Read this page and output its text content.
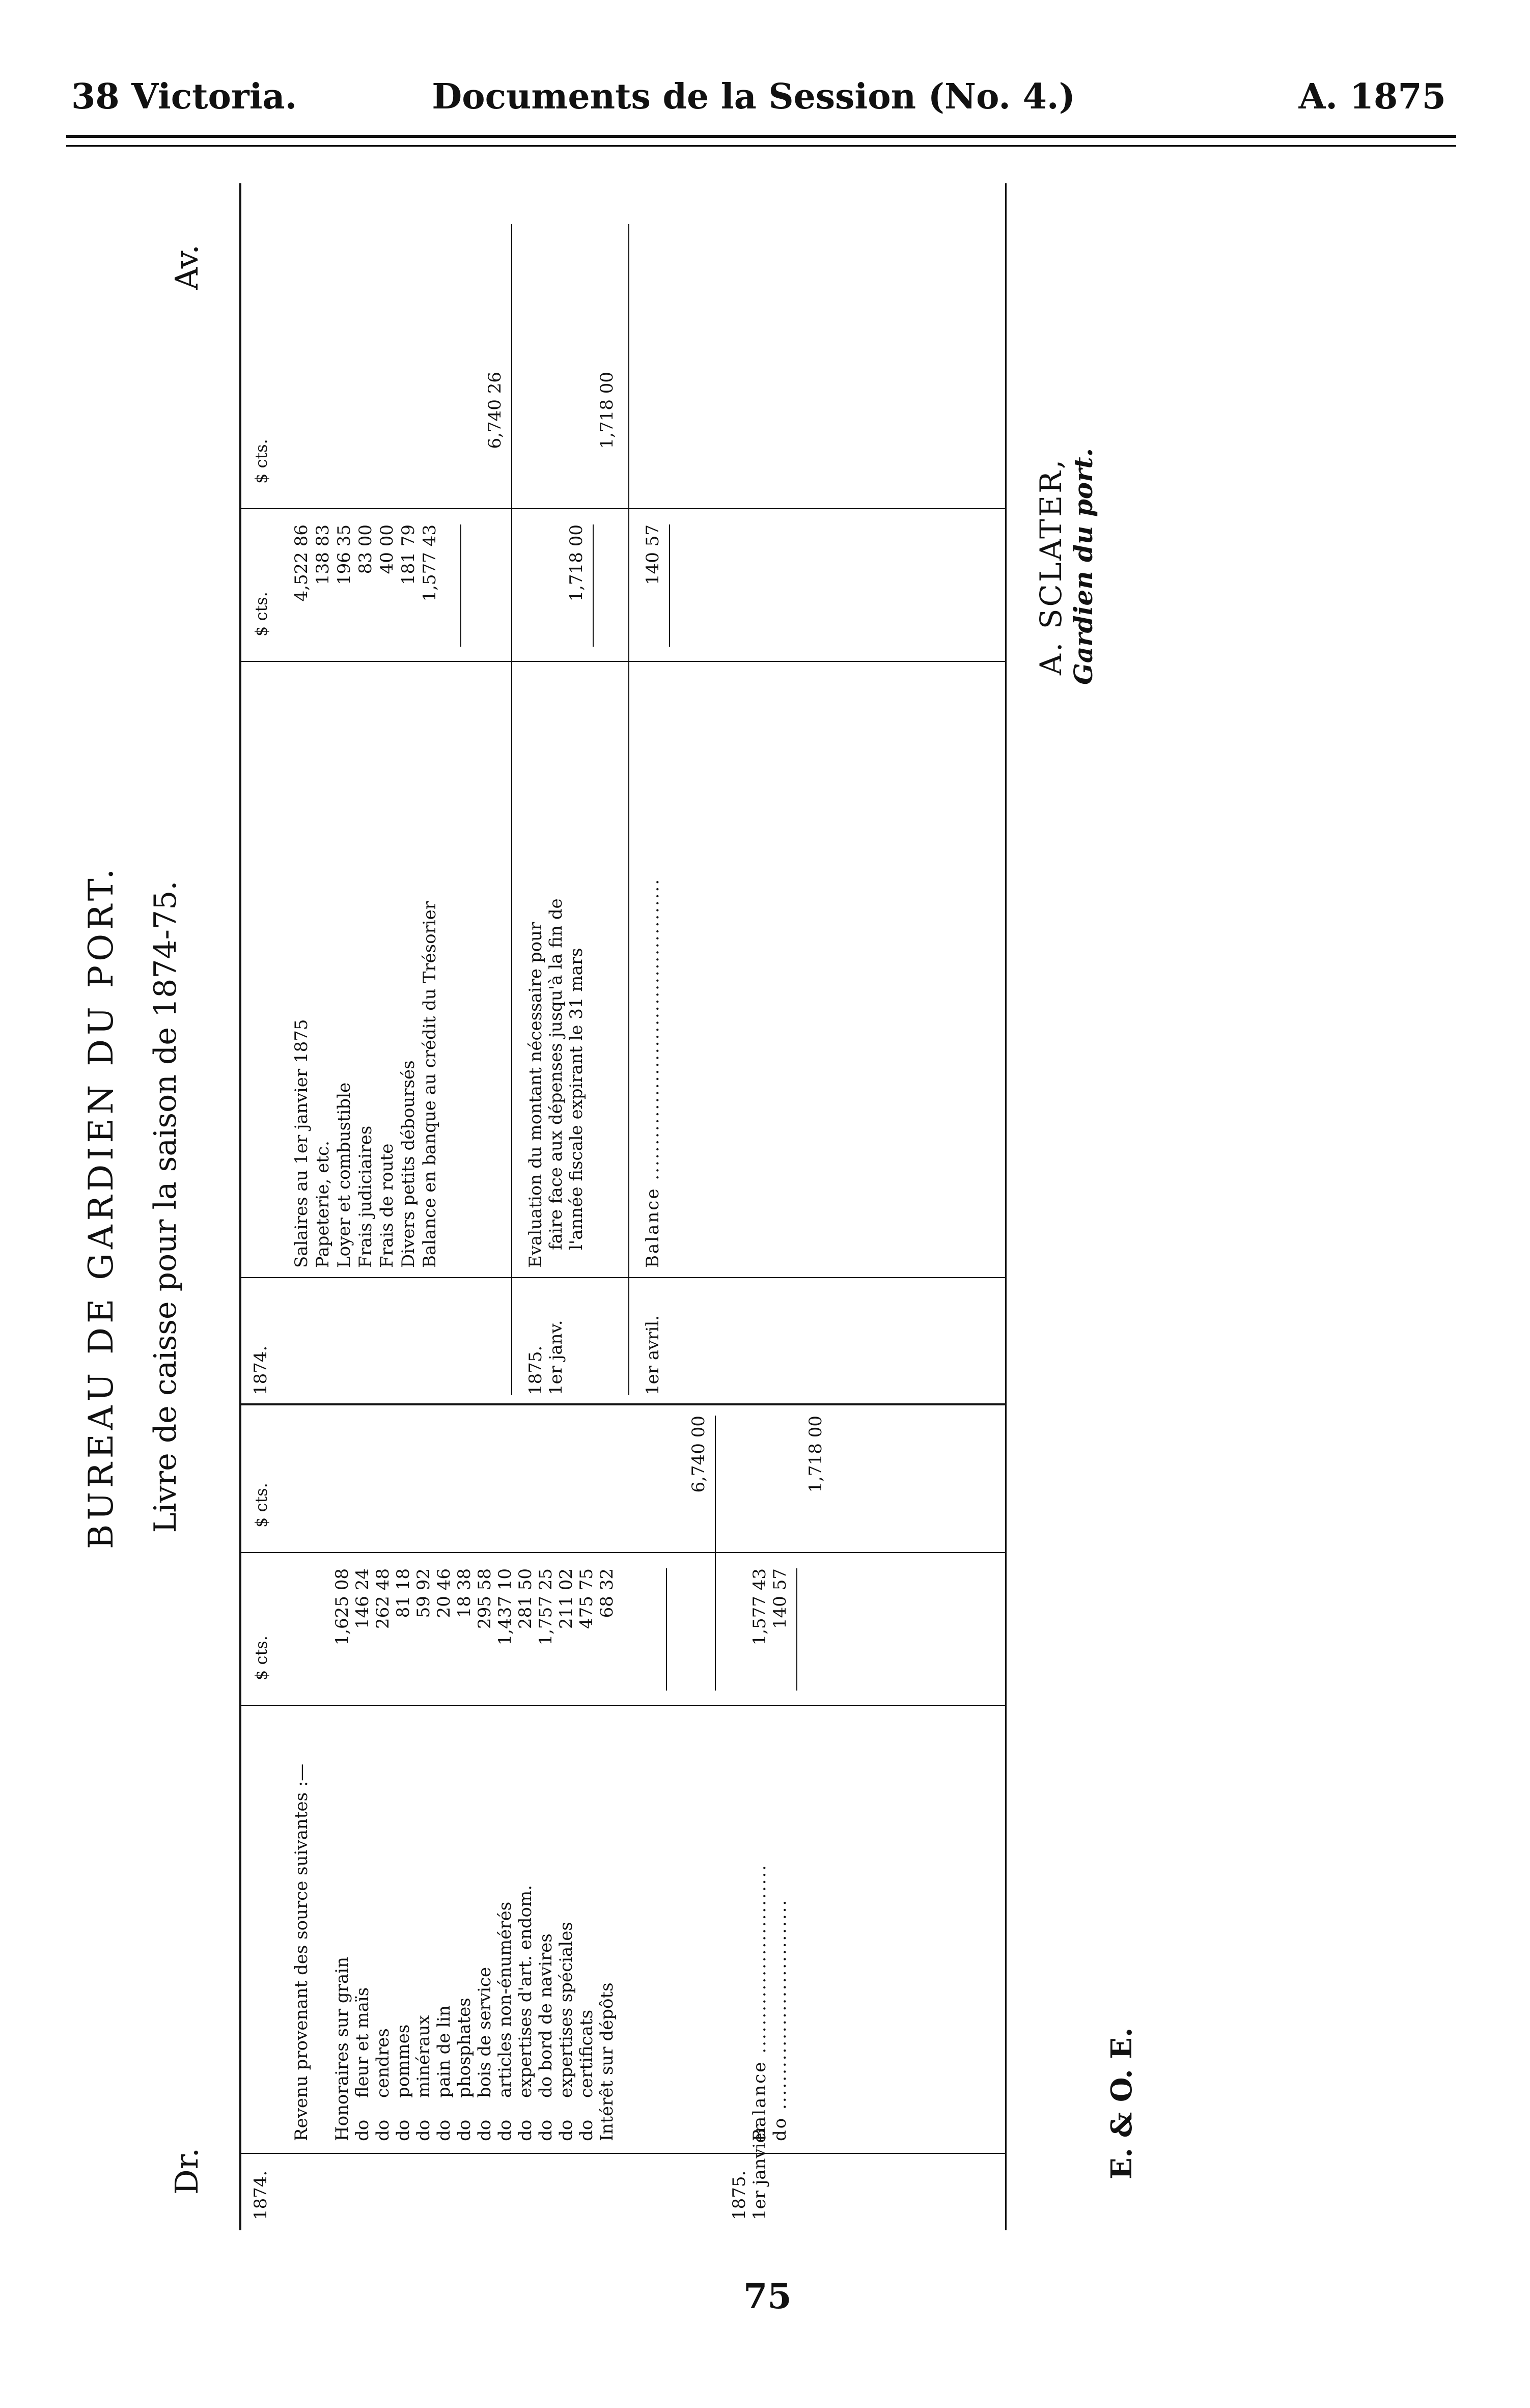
38 Victoria.	Documents de la Session (No. 4.)	A. 1875
BUREAU DE GARDIEN DU PORT. Livre de caisse pour la saison de 1874-75.
Dr.
Av.
$ cts.
$ cts.
$ cts.
$ cts.
1874.
Revenu provenant des source suivantes :— Honoraires sur grain
1,625 08
do
fleur et maïs
146 24
do
cendres
262 48
do
pommes
81 18
do
minéraux
59 92
do
pain de lin
20 46
do
phosphates
18 38
do
bois de service
295 58
do
articles non-énumérés
1,437 10
do
expertises d'art. endom.
281 50
do
do bord de navires
1,757 25
do
expertises spéciales
211 02
do
certificats
475 75
Intérêt sur dépôts
68 32
6,740 00
1875. 1er janvier
Balance ...........................
1,577 43
do ..............................
140 57
1,718 00
1874.
Salaires au 1er janvier 1875
4,522 86
Papeterie, etc.
138 83
Loyer et combustible
196 35
Frais judiciaires
83 00
Frais de route
40 00
Divers petits déboursés
181 79
Balance en banque au crédit du Trésorier
1,577 43
6,740 26
1875. 1er janv.
Evaluation du montant nécessaire pour faire face aux dépenses jusqu'à la fin de l'année fiscale expirant le 31 mars
1,718 00
1,718 00
1er avril.
Balance ...........................................
140 57
E. & O. E.
A. SCLATER, Gardien du port.
75
